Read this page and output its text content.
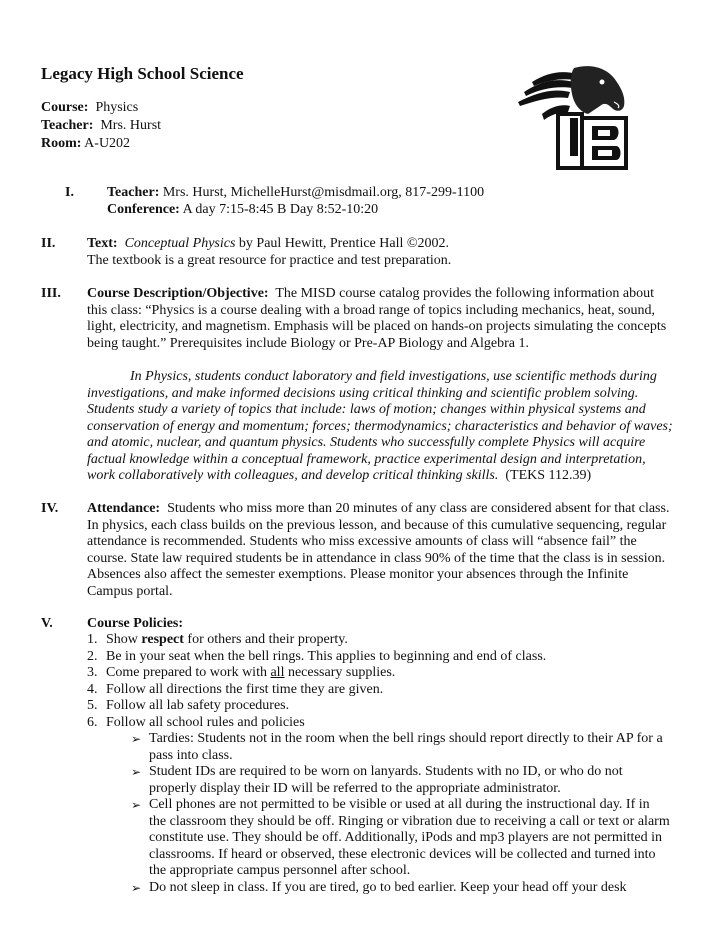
Legacy High School Science
Course: Physics
Teacher: Mrs. Hurst
Room: A-U202
LB
I. Teacher: Mrs. Hurst, MichelleHurst@misdmail.org, 817-299-1100
Conference: A day 7:15-8:45 B Day 8:52-10:20
II. Text: Conceptual Physics by Paul Hewitt, Prentice Hall ©2002.
The textbook is a great resource for practice and test preparation.
III. Course Description/Objective: The MISD course catalog provides the following information about
this class: “Physics is a course dealing with a broad range of topics including mechanics, heat, sound,
light, electricity, and magnetism. Emphasis will be placed on hands-on projects simulating the concepts
being taught.” Prerequisites include Biology or Pre-AP Biology and Algebra 1.
In Physics, students conduct laboratory and field investigations, use scientific methods during
investigations, and make informed decisions using critical thinking and scientific problem solving.
Students study a variety of topics that include: laws of motion; changes within physical systems and
conservation of energy and momentum; forces; thermodynamics; characteristics and behavior of waves;
and atomic, nuclear, and quantum physics. Students who successfully complete Physics will acquire
factual knowledge within a conceptual framework, practice experimental design and interpretation,
work collaboratively with colleagues, and develop critical thinking skills. (TEKS 112.39)
IV. Attendance: Students who miss more than 20 minutes of any class are considered absent for that class.
In physics, each class builds on the previous lesson, and because of this cumulative sequencing, regular
attendance is recommended. Students who miss excessive amounts of class will “absence fail” the
course. State law required students be in attendance in class 90% of the time that the class is in session.
Absences also affect the semester exemptions. Please monitor your absences through the Infinite
Campus portal.
V. Course Policies:
1. Show respect for others and their property.
2. Be in your seat when the bell rings. This applies to beginning and end of class.
3. Come prepared to work with all necessary supplies.
4. Follow all directions the first time they are given.
5. Follow all lab safety procedures.
6. Follow all school rules and policies
➢ Tardies: Students not in the room when the bell rings should report directly to their AP for a
pass into class.
➢ Student IDs are required to be worn on lanyards. Students with no ID, or who do not
properly display their ID will be referred to the appropriate administrator.
➢ Cell phones are not permitted to be visible or used at all during the instructional day. If in
the classroom they should be off. Ringing or vibration due to receiving a call or text or alarm
constitute use. They should be off. Additionally, iPods and mp3 players are not permitted in
classrooms. If heard or observed, these electronic devices will be collected and turned into
the appropriate campus personnel after school.
➢ Do not sleep in class. If you are tired, go to bed earlier. Keep your head off your desk
